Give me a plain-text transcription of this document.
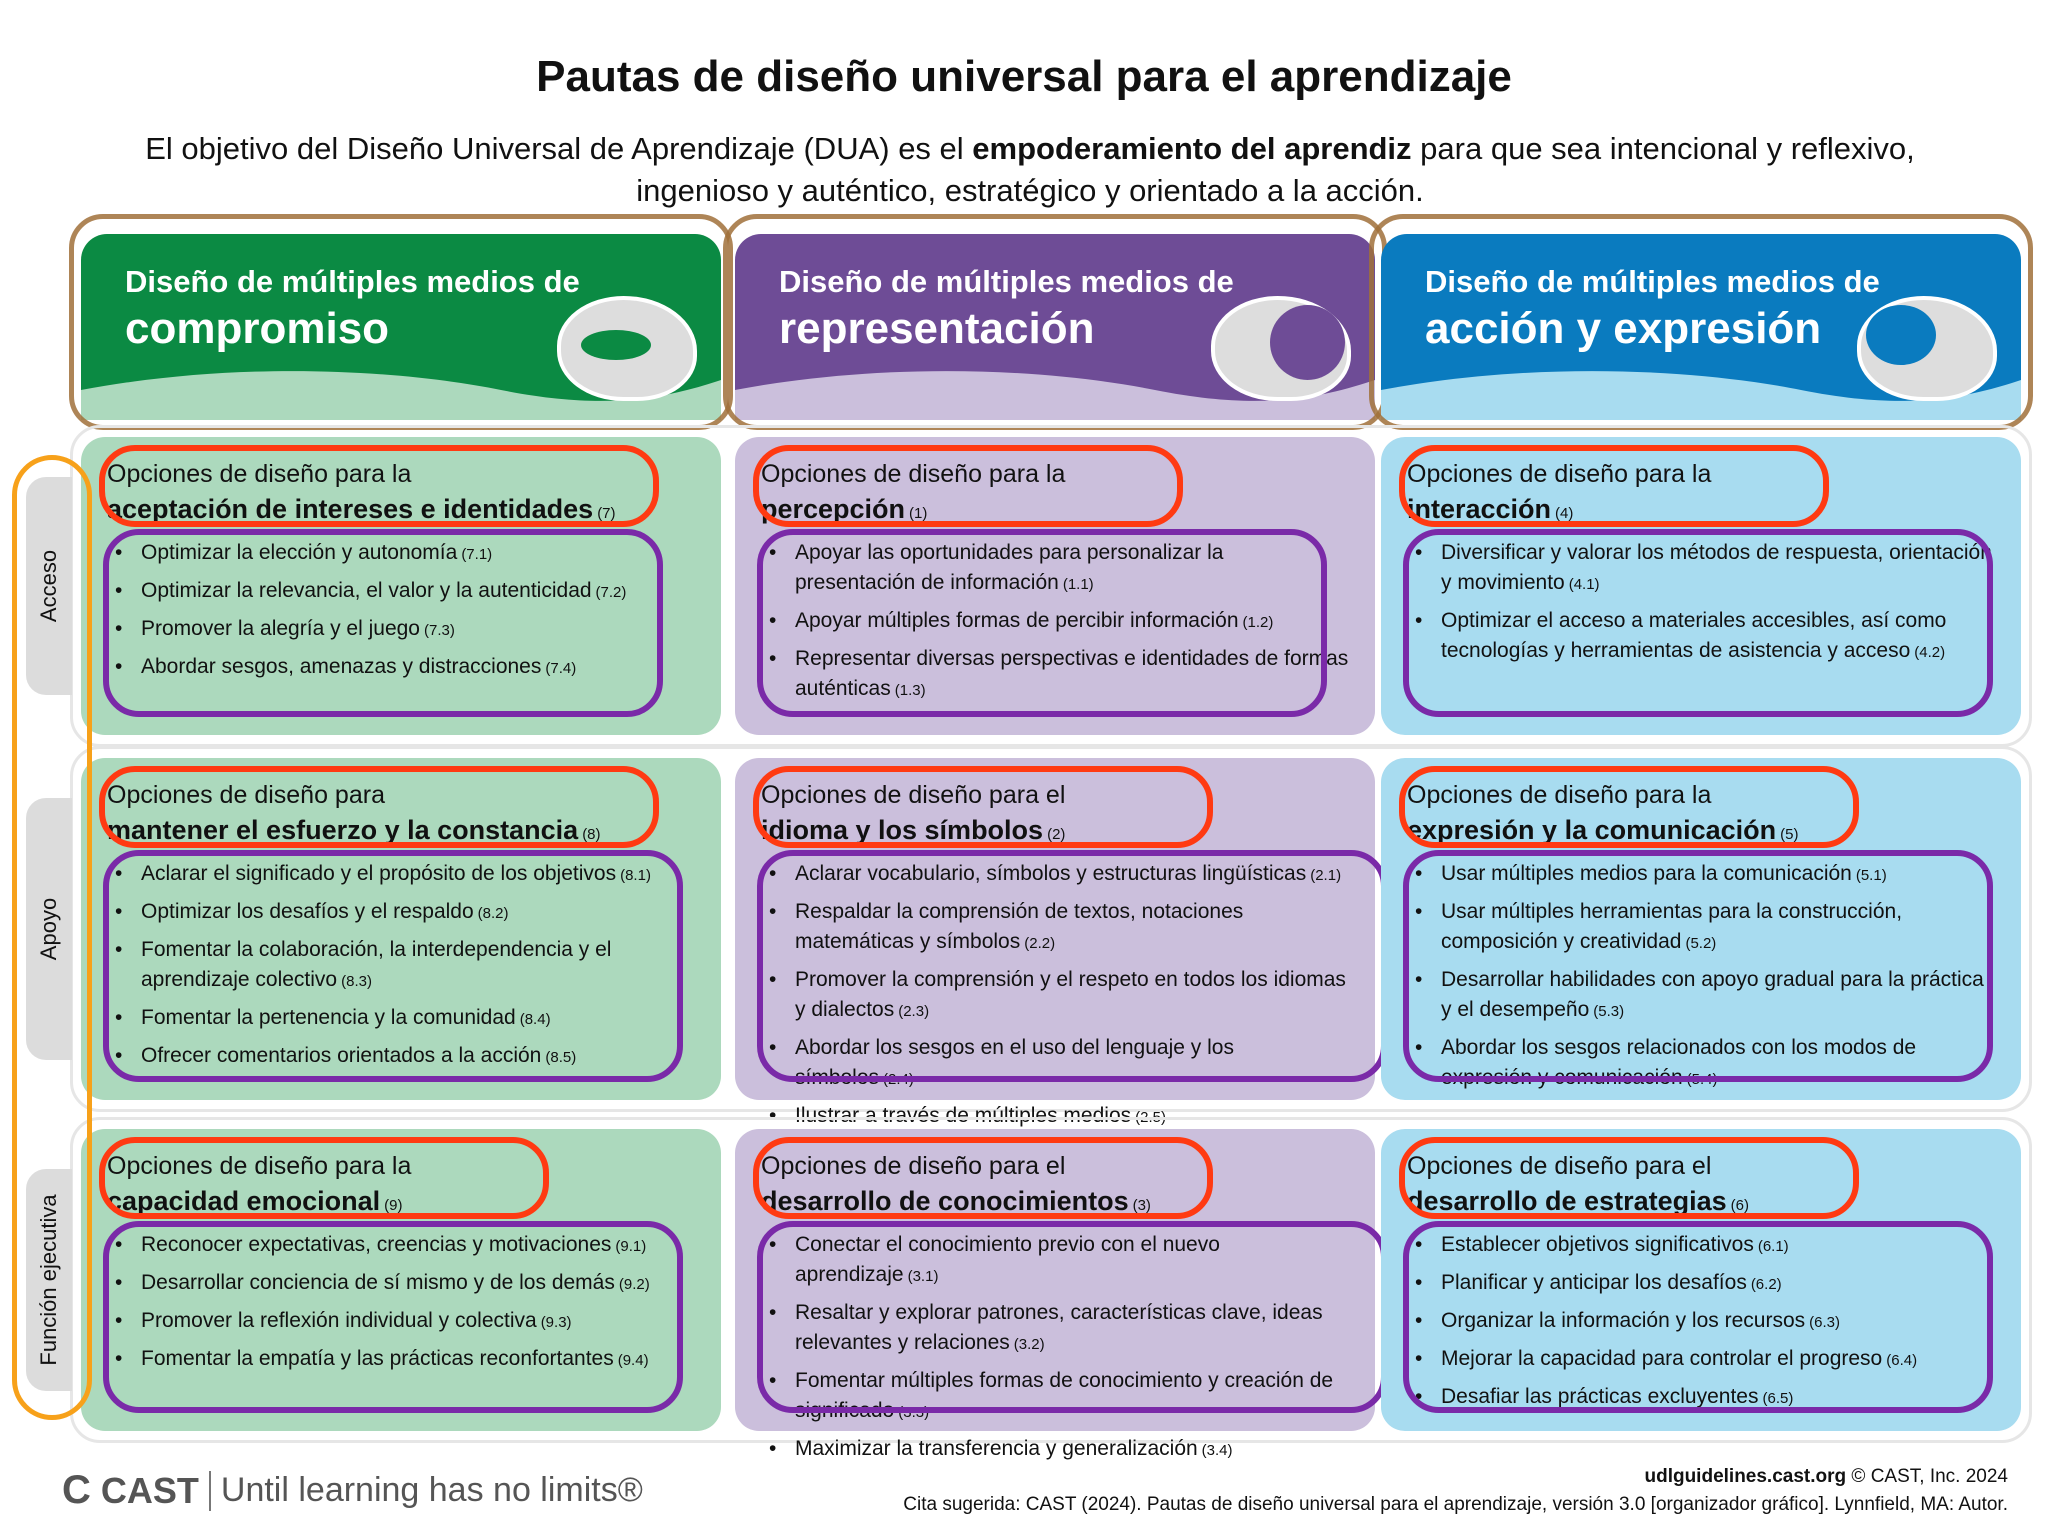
Pautas de diseño universal para el aprendizaje

El objetivo del Diseño Universal de Aprendizaje (DUA) es el empoderamiento del aprendiz para que sea intencional y reflexivo, ingenioso y auténtico, estratégico y orientado a la acción.

Diseño de múltiples medios de
compromiso
Diseño de múltiples medios de
representación
Diseño de múltiples medios de
acción y expresión
Acceso
Opciones de diseño para la
aceptación de intereses e identidades (7)
• Optimizar la elección y autonomía (7.1)
• Optimizar la relevancia, el valor y la autenticidad (7.2)
• Promover la alegría y el juego (7.3)
• Abordar sesgos, amenazas y distracciones (7.4)
Opciones de diseño para la
percepción (1)
• Apoyar las oportunidades para personalizar la presentación de información (1.1)
• Apoyar múltiples formas de percibir información (1.2)
• Representar diversas perspectivas e identidades de formas auténticas (1.3)
Opciones de diseño para la
interacción (4)
• Diversificar y valorar los métodos de respuesta, orientación y movimiento (4.1)
• Optimizar el acceso a materiales accesibles, así como tecnologías y herramientas de asistencia y acceso (4.2)
Apoyo
Opciones de diseño para
mantener el esfuerzo y la constancia (8)
• Aclarar el significado y el propósito de los objetivos (8.1)
• Optimizar los desafíos y el respaldo (8.2)
• Fomentar la colaboración, la interdependencia y el aprendizaje colectivo (8.3)
• Fomentar la pertenencia y la comunidad (8.4)
• Ofrecer comentarios orientados a la acción (8.5)
Opciones de diseño para el
idioma y los símbolos (2)
• Aclarar vocabulario, símbolos y estructuras lingüísticas (2.1)
• Respaldar la comprensión de textos, notaciones matemáticas y símbolos (2.2)
• Promover la comprensión y el respeto en todos los idiomas y dialectos (2.3)
• Abordar los sesgos en el uso del lenguaje y los símbolos (2.4)
• Ilustrar a través de múltiples medios (2.5)
Opciones de diseño para la
expresión y la comunicación (5)
• Usar múltiples medios para la comunicación (5.1)
• Usar múltiples herramientas para la construcción, composición y creatividad (5.2)
• Desarrollar habilidades con apoyo gradual para la práctica y el desempeño (5.3)
• Abordar los sesgos relacionados con los modos de expresión y comunicación (5.4)
Función ejecutiva
Opciones de diseño para la
capacidad emocional (9)
• Reconocer expectativas, creencias y motivaciones (9.1)
• Desarrollar conciencia de sí mismo y de los demás (9.2)
• Promover la reflexión individual y colectiva (9.3)
• Fomentar la empatía y las prácticas reconfortantes (9.4)
Opciones de diseño para el
desarrollo de conocimientos (3)
• Conectar el conocimiento previo con el nuevo aprendizaje (3.1)
• Resaltar y explorar patrones, características clave, ideas relevantes y relaciones (3.2)
• Fomentar múltiples formas de conocimiento y creación de significado (3.3)
• Maximizar la transferencia y generalización (3.4)
Opciones de diseño para el
desarrollo de estrategias (6)
• Establecer objetivos significativos (6.1)
• Planificar y anticipar los desafíos (6.2)
• Organizar la información y los recursos (6.3)
• Mejorar la capacidad para controlar el progreso (6.4)
• Desafiar las prácticas excluyentes (6.5)
C CAST Until learning has no limits®	udlguidelines.cast.org © CAST, Inc. 2024
Cita sugerida: CAST (2024). Pautas de diseño universal para el aprendizaje, versión 3.0 [organizador gráfico]. Lynnfield, MA: Autor.
